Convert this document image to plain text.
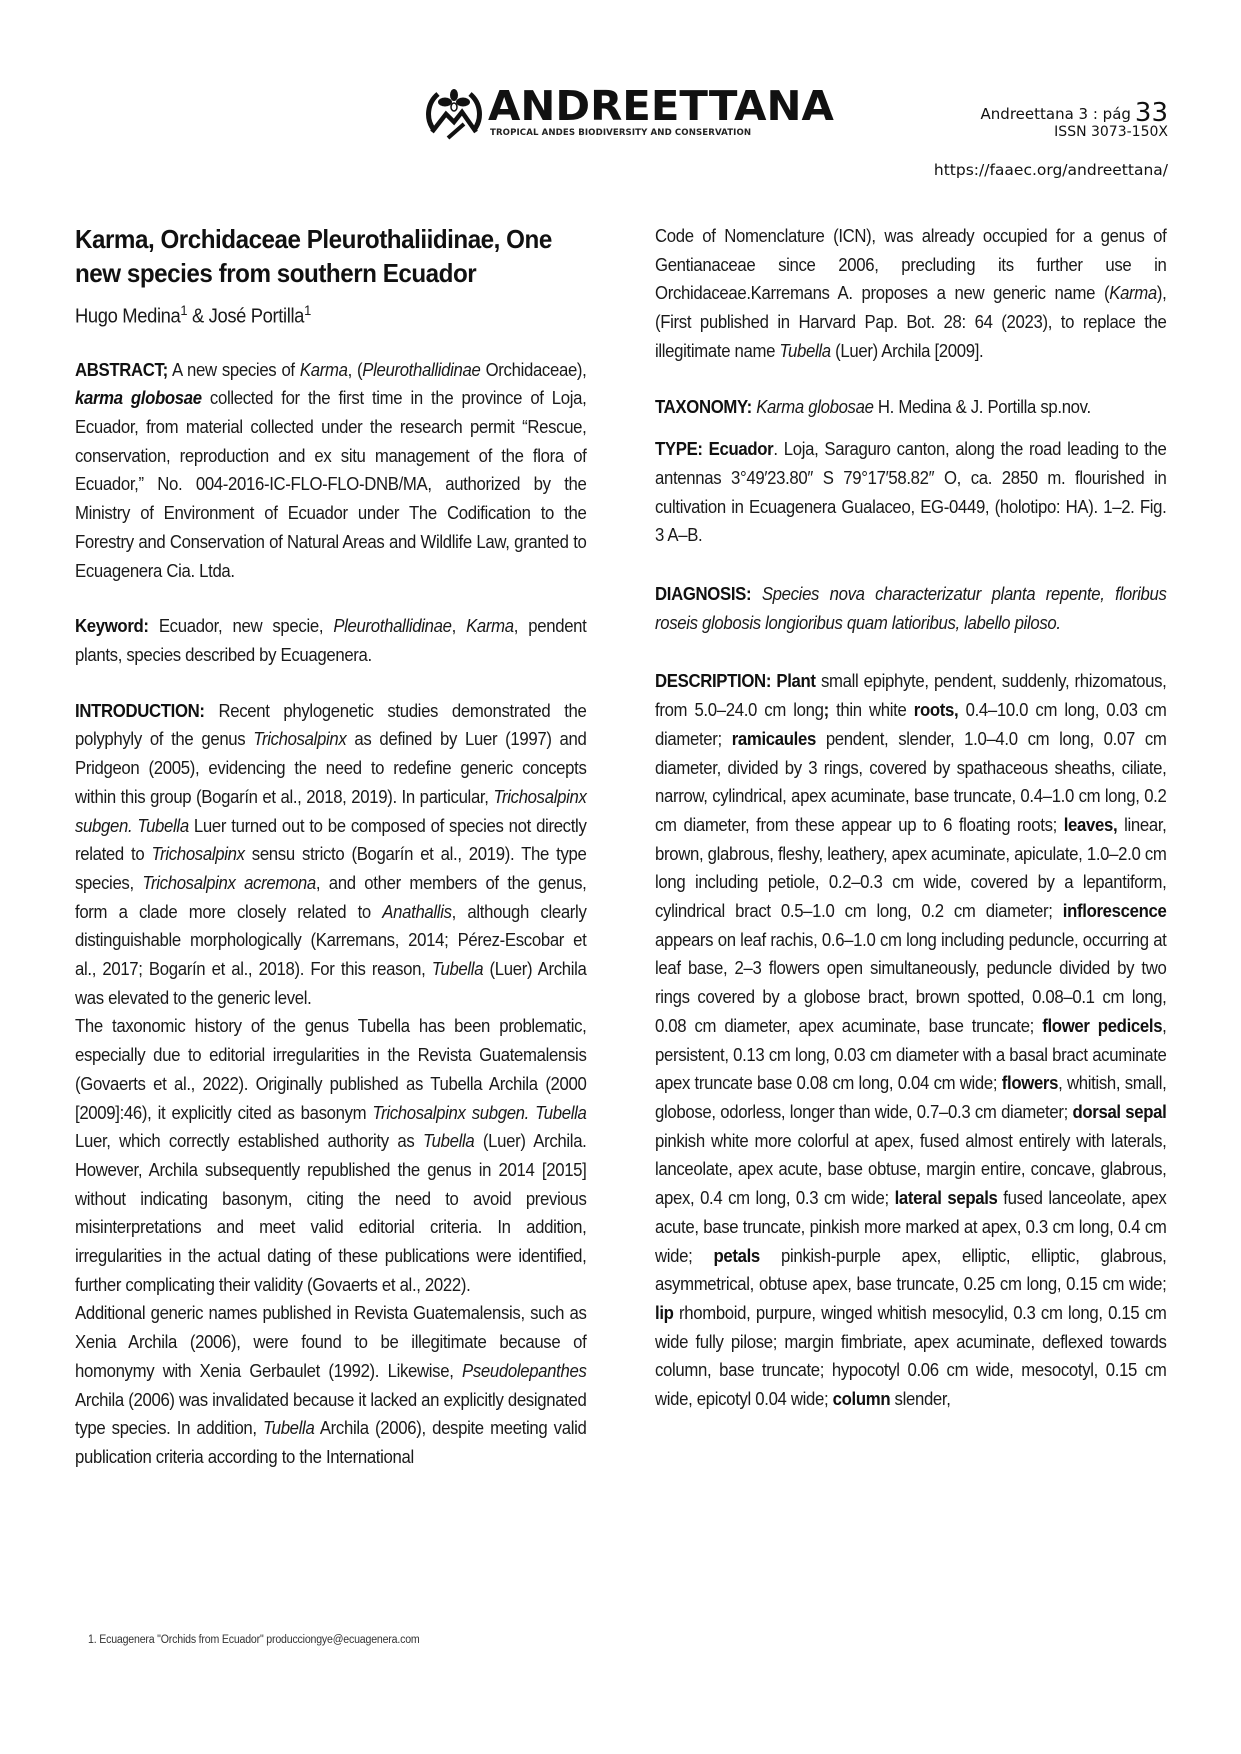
ANDREETTANA
TROPICAL ANDES BIODIVERSITY AND CONSERVATION
Andreettana 3 : pág 33
ISSN 3073-150X
https://faaec.org/andreettana/
Karma, Orchidaceae Pleurothaliidinae, One new species from southern Ecuador
Hugo Medina$^1$ & José Portilla$^1$

ABSTRACT; A new species of Karma, (Pleurothallidinae Orchidaceae), karma globosae collected for the first time in the province of Loja, Ecuador, from material collected under the research permit “Rescue, conservation, reproduction and ex situ management of the flora of Ecuador,” No. 004-2016-IC-FLO-FLO-DNB/MA, authorized by the Ministry of Environment of Ecuador under The Codification to the Forestry and Conservation of Natural Areas and Wildlife Law, granted to Ecuagenera Cia. Ltda.

Keyword: Ecuador, new specie, Pleurothallidinae, Karma, pendent plants, species described by Ecuagenera.

INTRODUCTION: Recent phylogenetic studies demonstrated the polyphyly of the genus Trichosalpinx as defined by Luer (1997) and Pridgeon (2005), evidencing the need to redefine generic concepts within this group (Bogarín et al., 2018, 2019). In particular, Trichosalpinx subgen. Tubella Luer turned out to be composed of species not directly related to Trichosalpinx sensu stricto (Bogarín et al., 2019). The type species, Trichosalpinx acremona, and other members of the genus, form a clade more closely related to Anathallis, although clearly distinguishable morphologically (Karremans, 2014; Pérez-Escobar et al., 2017; Bogarín et al., 2018). For this reason, Tubella (Luer) Archila was elevated to the generic level.

The taxonomic history of the genus Tubella has been problematic, especially due to editorial irregularities in the Revista Guatemalensis (Govaerts et al., 2022). Originally published as Tubella Archila (2000 [2009]:46), it explicitly cited as basonym Trichosalpinx subgen. Tubella Luer, which correctly established authority as Tubella (Luer) Archila. However, Archila subsequently republished the genus in 2014 [2015] without indicating basonym, citing the need to avoid previous misinterpretations and meet valid editorial criteria. In addition, irregularities in the actual dating of these publications were identified, further complicating their validity (Govaerts et al., 2022).

Additional generic names published in Revista Guatemalensis, such as Xenia Archila (2006), were found to be illegitimate because of homonymy with Xenia Gerbaulet (1992). Likewise, Pseudolepanthes Archila (2006) was invalidated because it lacked an explicitly designated type species. In addition, Tubella Archila (2006), despite meeting valid publication criteria according to the International

1. Ecuagenera "Orchids from Ecuador" producciongye@ecuagenera.com

Code of Nomenclature (ICN), was already occupied for a genus of Gentianaceae since 2006, precluding its further use in Orchidaceae.Karremans A. proposes a new generic name (Karma), (First published in Harvard Pap. Bot. 28: 64 (2023), to replace the illegitimate name Tubella (Luer) Archila [2009].

TAXONOMY: Karma globosae H. Medina & J. Portilla sp.nov.

TYPE: Ecuador. Loja, Saraguro canton, along the road leading to the antennas 3°49′23.80″ S 79°17′58.82″ O, ca. 2850 m. flourished in cultivation in Ecuagenera Gualaceo, EG-0449, (holotipo: HA). 1–2. Fig. 3 A–B.

DIAGNOSIS: Species nova characterizatur planta repente, floribus roseis globosis longioribus quam latioribus, labello piloso.

DESCRIPTION: Plant small epiphyte, pendent, suddenly, rhizomatous, from 5.0–24.0 cm long; thin white roots, 0.4–10.0 cm long, 0.03 cm diameter; ramicaules pendent, slender, 1.0–4.0 cm long, 0.07 cm diameter, divided by 3 rings, covered by spathaceous sheaths, ciliate, narrow, cylindrical, apex acuminate, base truncate, 0.4–1.0 cm long, 0.2 cm diameter, from these appear up to 6 floating roots; leaves, linear, brown, glabrous, fleshy, leathery, apex acuminate, apiculate, 1.0–2.0 cm long including petiole, 0.2–0.3 cm wide, covered by a lepantiform, cylindrical bract 0.5–1.0 cm long, 0.2 cm diameter; inflorescence appears on leaf rachis, 0.6–1.0 cm long including peduncle, occurring at leaf base, 2–3 flowers open simultaneously, peduncle divided by two rings covered by a globose bract, brown spotted, 0.08–0.1 cm long, 0.08 cm diameter, apex acuminate, base truncate; flower pedicels, persistent, 0.13 cm long, 0.03 cm diameter with a basal bract acuminate apex truncate base 0.08 cm long, 0.04 cm wide; flowers, whitish, small, globose, odorless, longer than wide, 0.7–0.3 cm diameter; dorsal sepal pinkish white more colorful at apex, fused almost entirely with laterals, lanceolate, apex acute, base obtuse, margin entire, concave, glabrous, apex, 0.4 cm long, 0.3 cm wide; lateral sepals fused lanceolate, apex acute, base truncate, pinkish more marked at apex, 0.3 cm long, 0.4 cm wide; petals pinkish-purple apex, elliptic, elliptic, glabrous, asymmetrical, obtuse apex, base truncate, 0.25 cm long, 0.15 cm wide; lip rhomboid, purpure, winged whitish mesocylid, 0.3 cm long, 0.15 cm wide fully pilose; margin fimbriate, apex acuminate, deflexed towards column, base truncate; hypocotyl 0.06 cm wide, mesocotyl, 0.15 cm wide, epicotyl 0.04 wide; column slender,
